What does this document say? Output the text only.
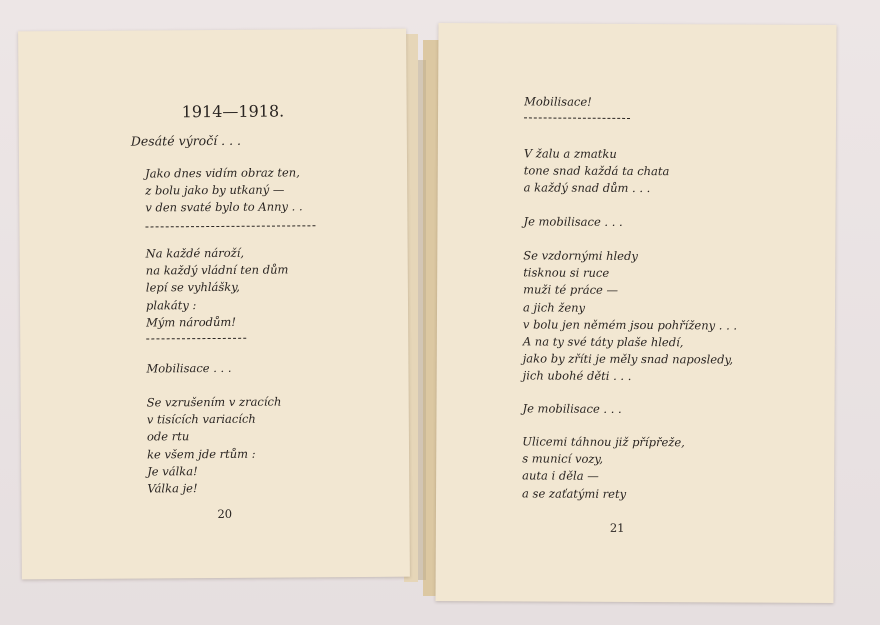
1914—1918.
Desáté výročí . . .
Jako dnes vidím obraz ten,
z bolu jako by utkaný —
v den svaté bylo to Anny . .
Na každé nároží,
na každý vládní ten dům
lepí se vyhlášky,
plakáty :
Mým národům!
Mobilisace . . .
Se vzrušením v zracích
v tisících variacích
ode rtu
ke všem jde rtům :
Je válka!
Válka je!
20
Mobilisace!
V žalu a zmatku
tone snad každá ta chata
a každý snad dům . . .
Je mobilisace . . .
Se vzdornými hledy
tisknou si ruce
muži té práce —
a jich ženy
v bolu jen němém jsou pohříženy . . .
A na ty své táty plaše hledí,
jako by zříti je měly snad naposledy,
jich ubohé děti . . .
Je mobilisace . . .
Ulicemi táhnou již přípřeže,
s municí vozy,
auta i děla —
a se zaťatými rety
21
